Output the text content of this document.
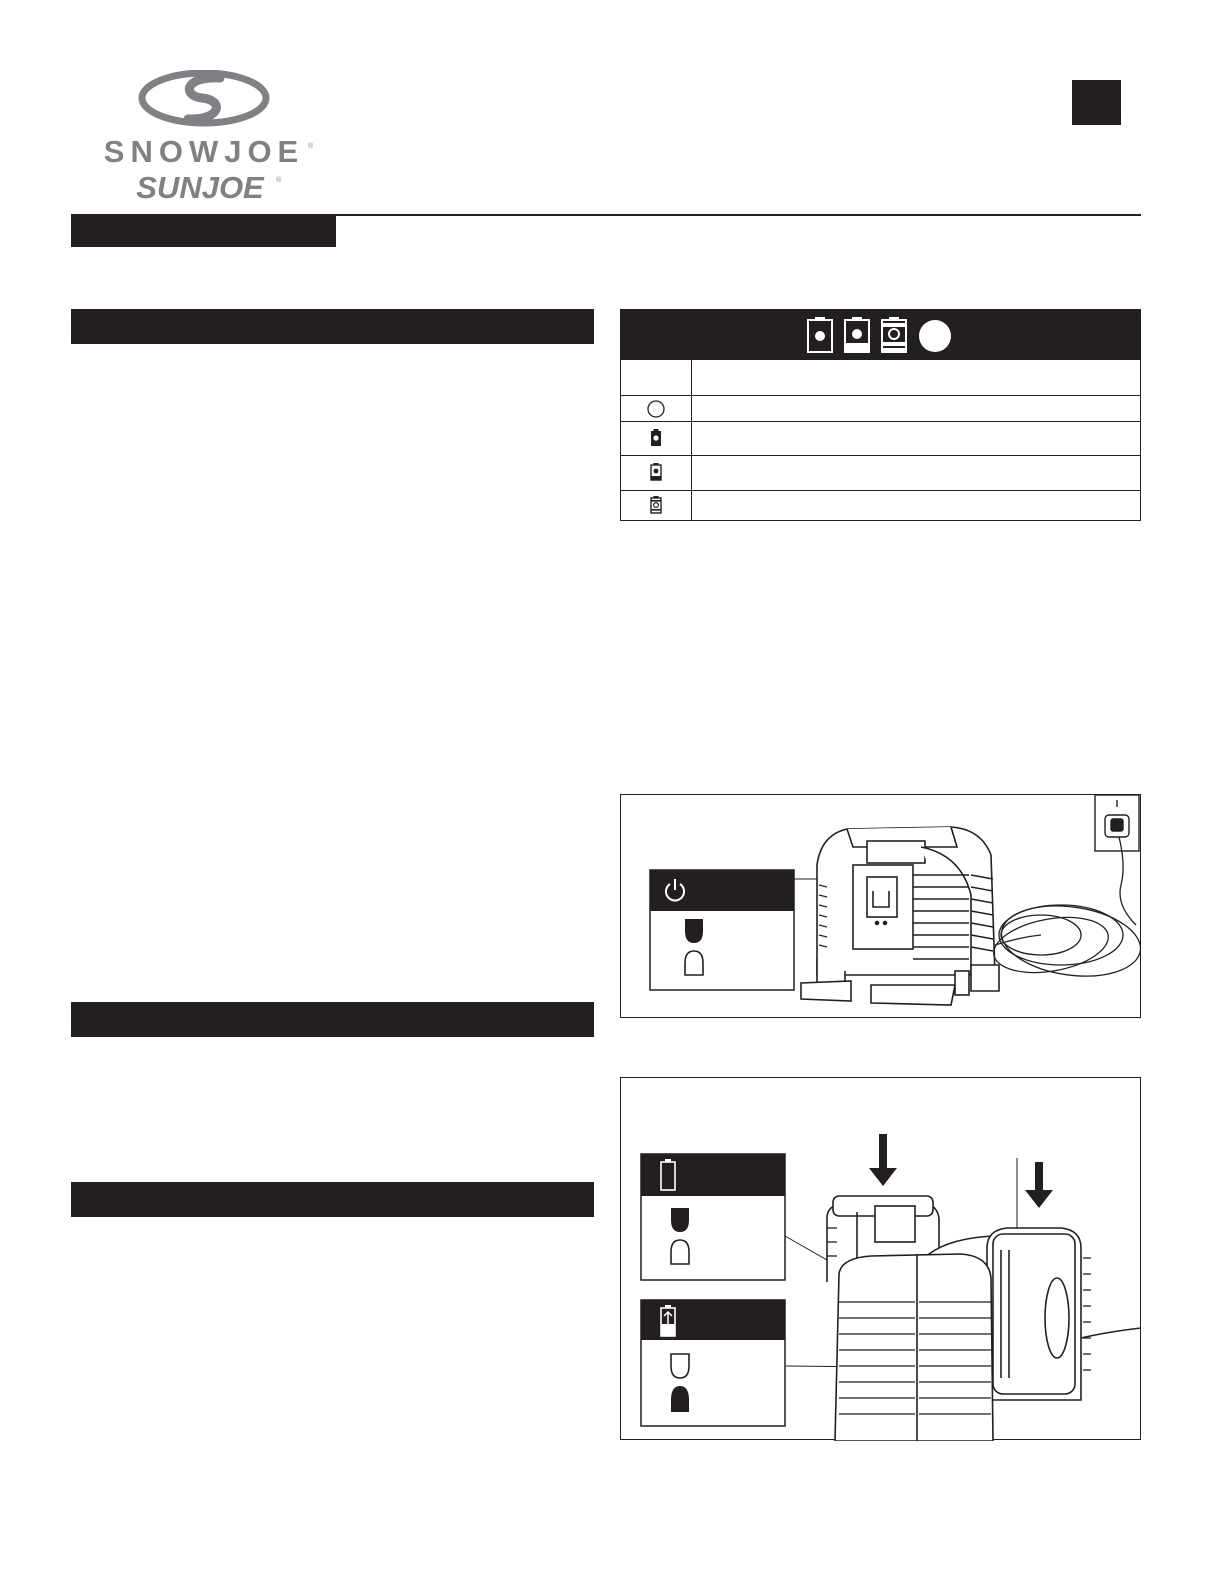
SNOWJOE
SUNJOE
®
®
